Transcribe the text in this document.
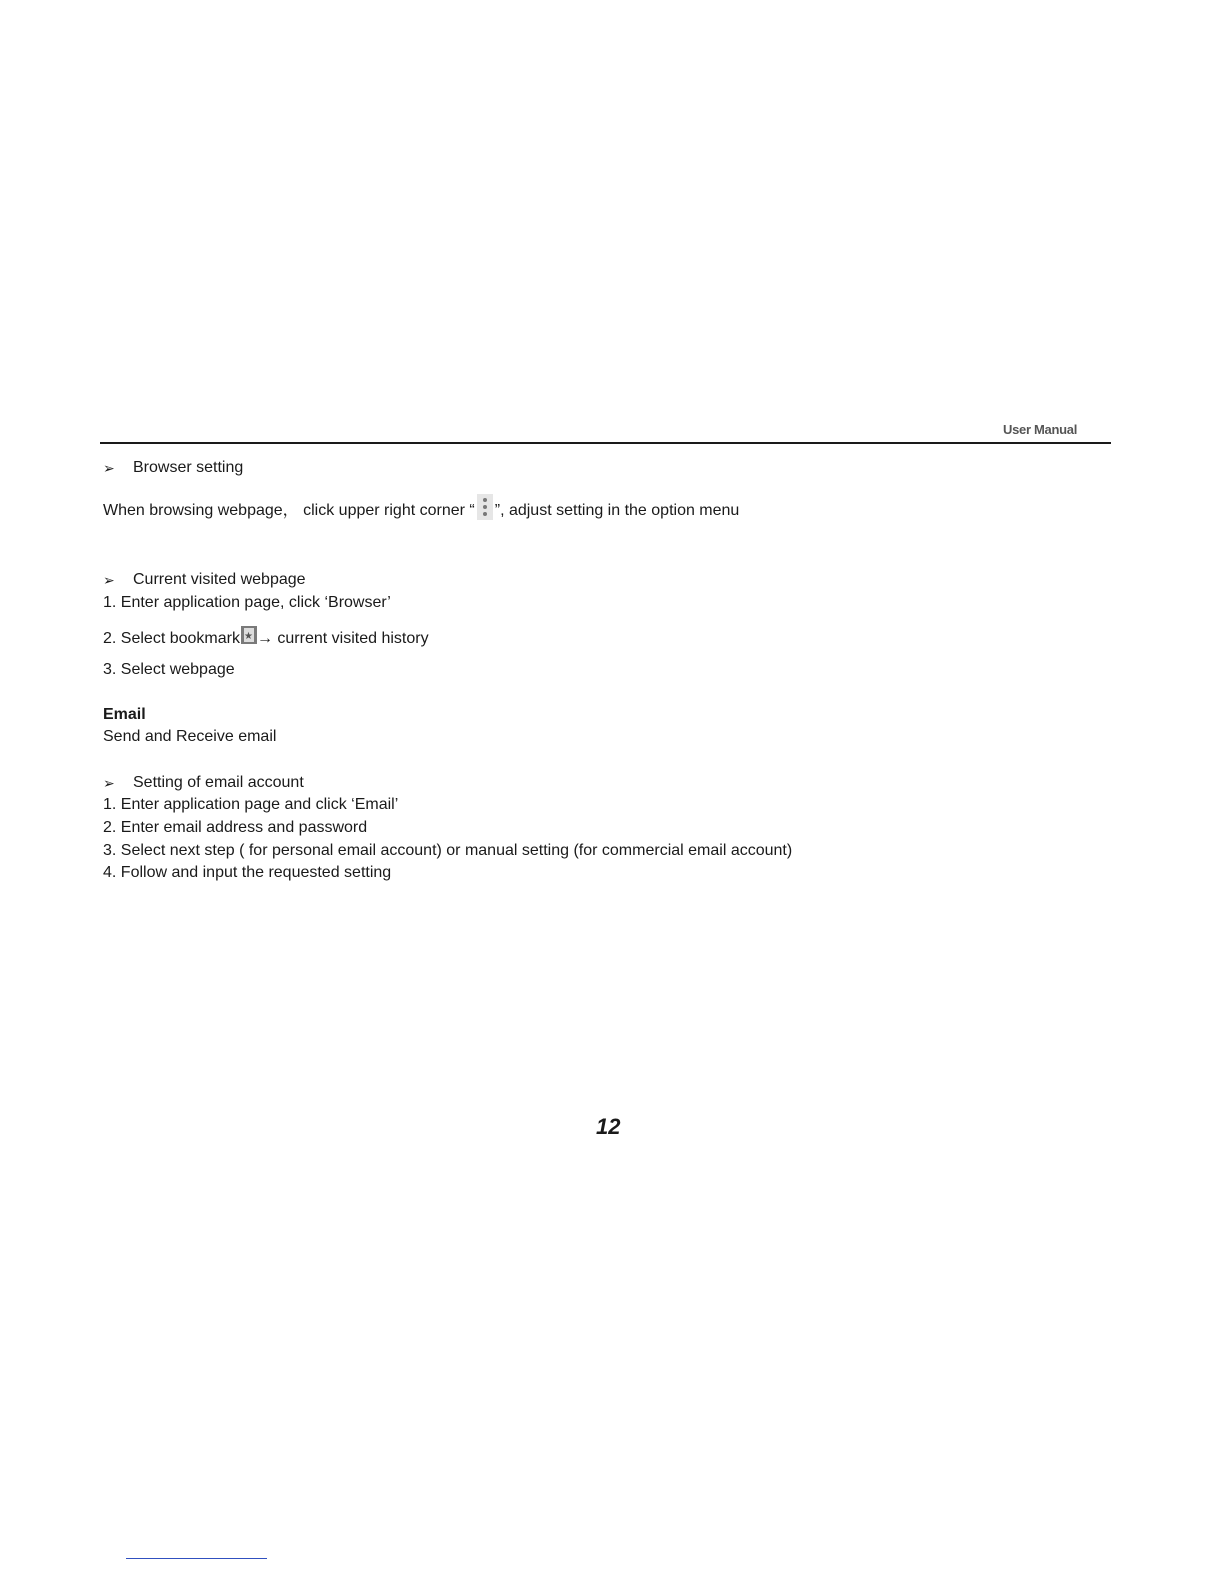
User Manual
➢	Browser setting
When browsing webpage， click upper right corner “ ”, adjust setting in the option menu
➢	Current visited webpage
1. Enter application page, click ‘Browser’
2. Select bookmark★ → current visited history
3. Select webpage
Email
Send and Receive email
➢	Setting of email account
1. Enter application page and click ‘Email’
2. Enter email address and password
3. Select next step ( for personal email account) or manual setting (for commercial email account)
4. Follow and input the requested setting
12
